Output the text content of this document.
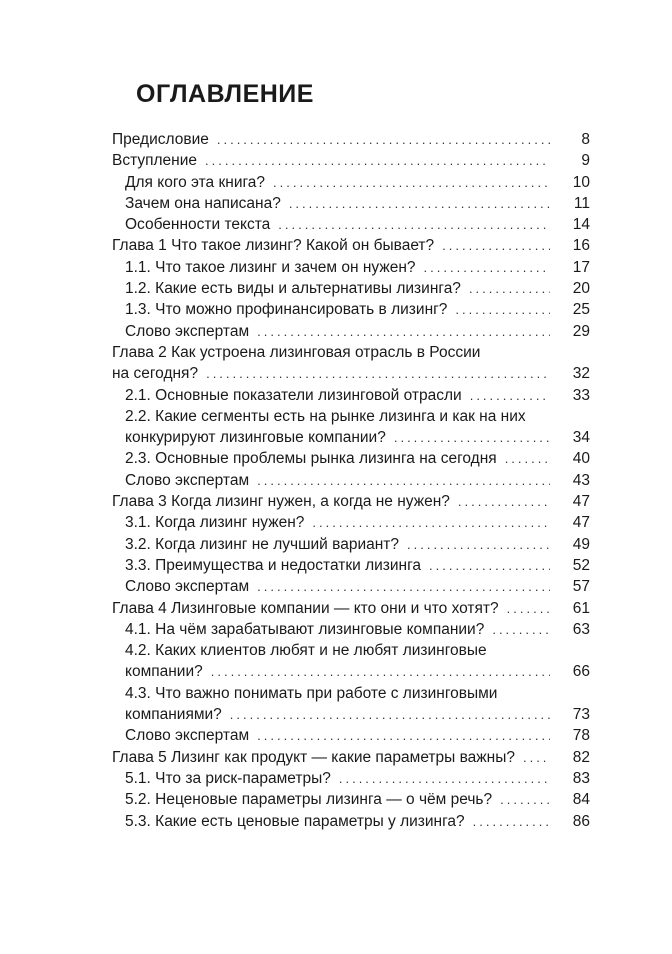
ОГЛАВЛЕНИЕ
Предисловие .....	8
Вступление .....	9
Для кого эта книга? .....	10
Зачем она написана? .....	11
Особенности текста .....	14
Глава 1 Что такое лизинг? Какой он бывает? .....	16
1.1. Что такое лизинг и зачем он нужен? .....	17
1.2. Какие есть виды и альтернативы лизинга? .....	20
1.3. Что можно профинансировать в лизинг? .....	25
Слово экспертам .....	29
Глава 2 Как устроена лизинговая отрасль в России
на сегодня? .....	32
2.1. Основные показатели лизинговой отрасли .....	33
2.2. Какие сегменты есть на рынке лизинга и как на них
конкурируют лизинговые компании? .....	34
2.3. Основные проблемы рынка лизинга на сегодня .....	40
Слово экспертам .....	43
Глава 3 Когда лизинг нужен, а когда не нужен? .....	47
3.1. Когда лизинг нужен? .....	47
3.2. Когда лизинг не лучший вариант? .....	49
3.3. Преимущества и недостатки лизинга .....	52
Слово экспертам .....	57
Глава 4 Лизинговые компании — кто они и что хотят? .....	61
4.1. На чём зарабатывают лизинговые компании? .....	63
4.2. Каких клиентов любят и не любят лизинговые
компании? .....	66
4.3. Что важно понимать при работе с лизинговыми
компаниями? .....	73
Слово экспертам .....	78
Глава 5 Лизинг как продукт — какие параметры важны? .....	82
5.1. Что за риск-параметры? .....	83
5.2. Неценовые параметры лизинга — о чём речь? .....	84
5.3. Какие есть ценовые параметры у лизинга? .....	86
